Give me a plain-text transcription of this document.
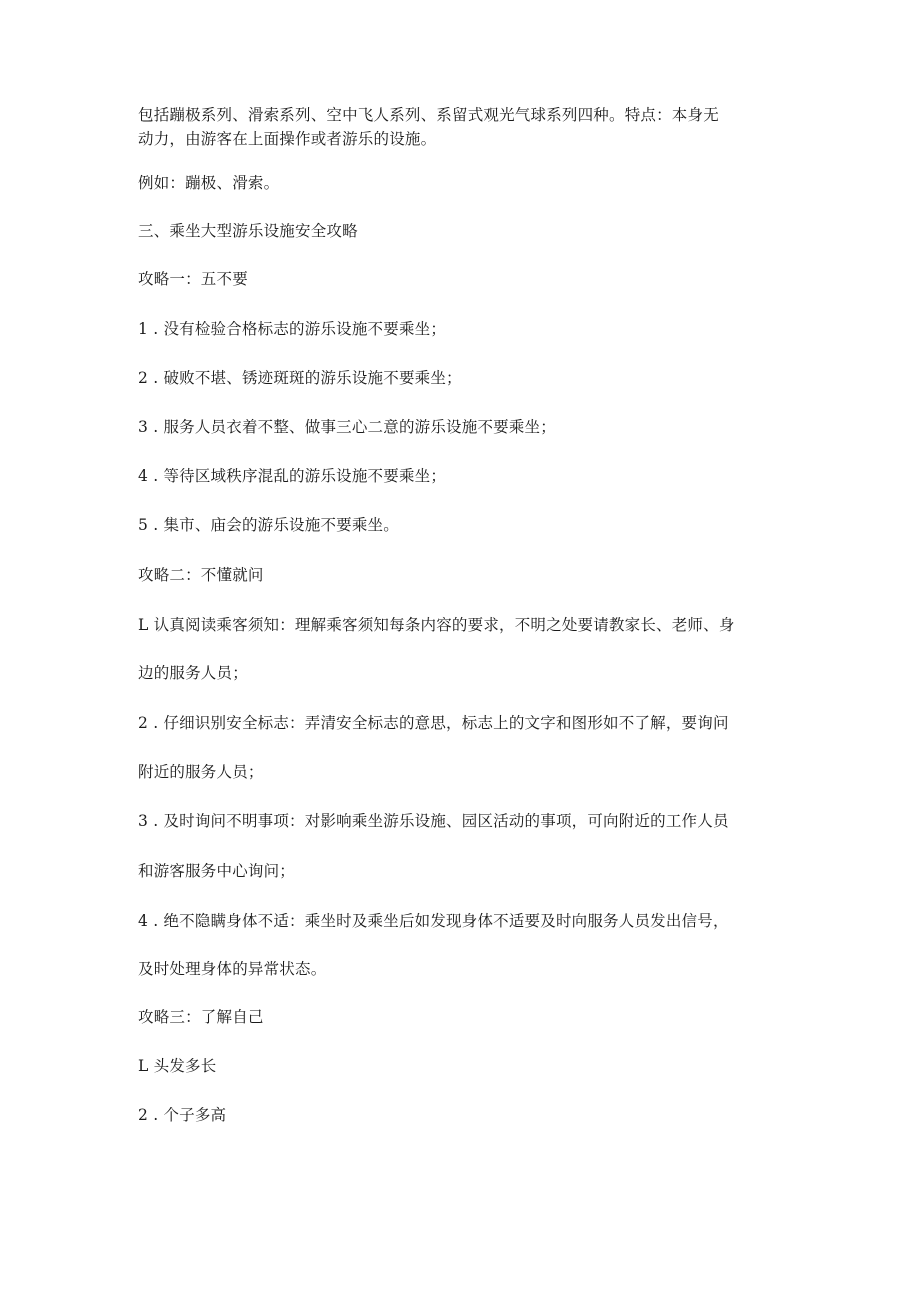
包括蹦极系列、滑索系列、空中飞人系列、系留式观光气球系列四种。特点：本身无
动力，由游客在上面操作或者游乐的设施。
例如：蹦极、滑索。
三、乘坐大型游乐设施安全攻略
攻略一：五不要
1 . 没有检验合格标志的游乐设施不要乘坐；
2 . 破败不堪、锈迹斑斑的游乐设施不要乘坐；
3 . 服务人员衣着不整、做事三心二意的游乐设施不要乘坐；
4 . 等待区域秩序混乱的游乐设施不要乘坐；
5 . 集市、庙会的游乐设施不要乘坐。
攻略二：不懂就问
L 认真阅读乘客须知：理解乘客须知每条内容的要求，不明之处要请教家长、老师、身
边的服务人员；
2 . 仔细识别安全标志：弄清安全标志的意思，标志上的文字和图形如不了解，要询问
附近的服务人员；
3 . 及时询问不明事项：对影响乘坐游乐设施、园区活动的事项，可向附近的工作人员
和游客服务中心询问；
4 . 绝不隐瞒身体不适：乘坐时及乘坐后如发现身体不适要及时向服务人员发出信号，
及时处理身体的异常状态。
攻略三：了解自己
L 头发多长
2 . 个子多高
